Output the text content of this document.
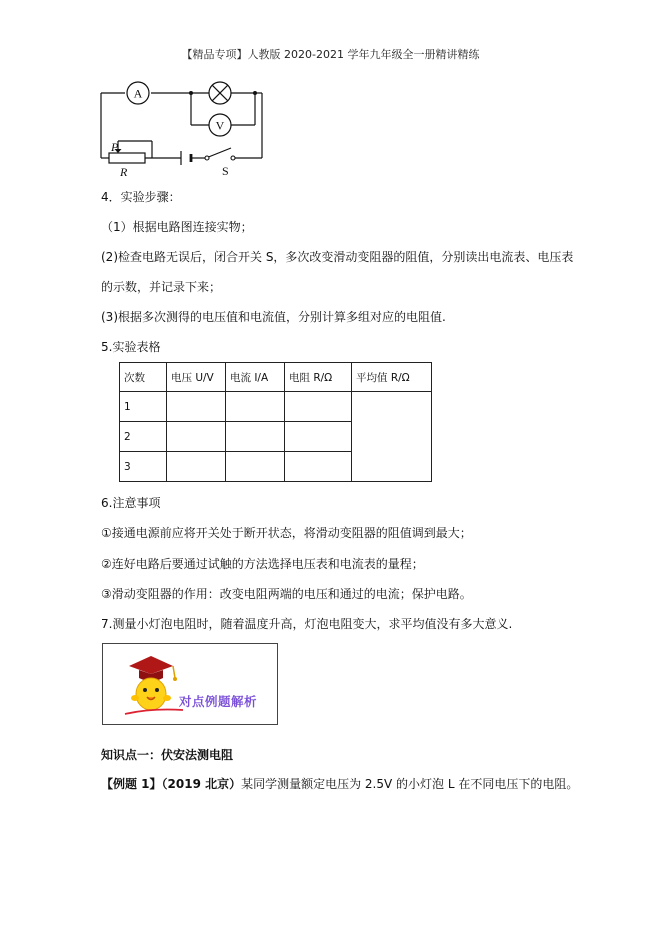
【精品专项】人教版 2020-2021 学年九年级全一册精讲精练
A
V
P
R	S
4．实验步骤：
（1）根据电路图连接实物；
(2)检查电路无误后，闭合开关 S，多次改变滑动变阻器的阻值，分别读出电流表、电压表
的示数，并记录下来；
(3)根据多次测得的电压值和电流值，分别计算多组对应的电阻值.
5.实验表格
次数	电压 U/V	电流 I/A	电阻 R/Ω	平均值 R/Ω
1				
2				
3				
6.注意事项
①接通电源前应将开关处于断开状态，将滑动变阻器的阻值调到最大；
②连好电路后要通过试触的方法选择电压表和电流表的量程；
③滑动变阻器的作用：改变电阻两端的电压和通过的电流；保护电路。
7.测量小灯泡电阻时，随着温度升高，灯泡电阻变大，求平均值没有多大意义.
对点例题解析
知识点一：伏安法测电阻
【例题 1】（2019 北京）某同学测量额定电压为 2.5V 的小灯泡 L 在不同电压下的电阻。
